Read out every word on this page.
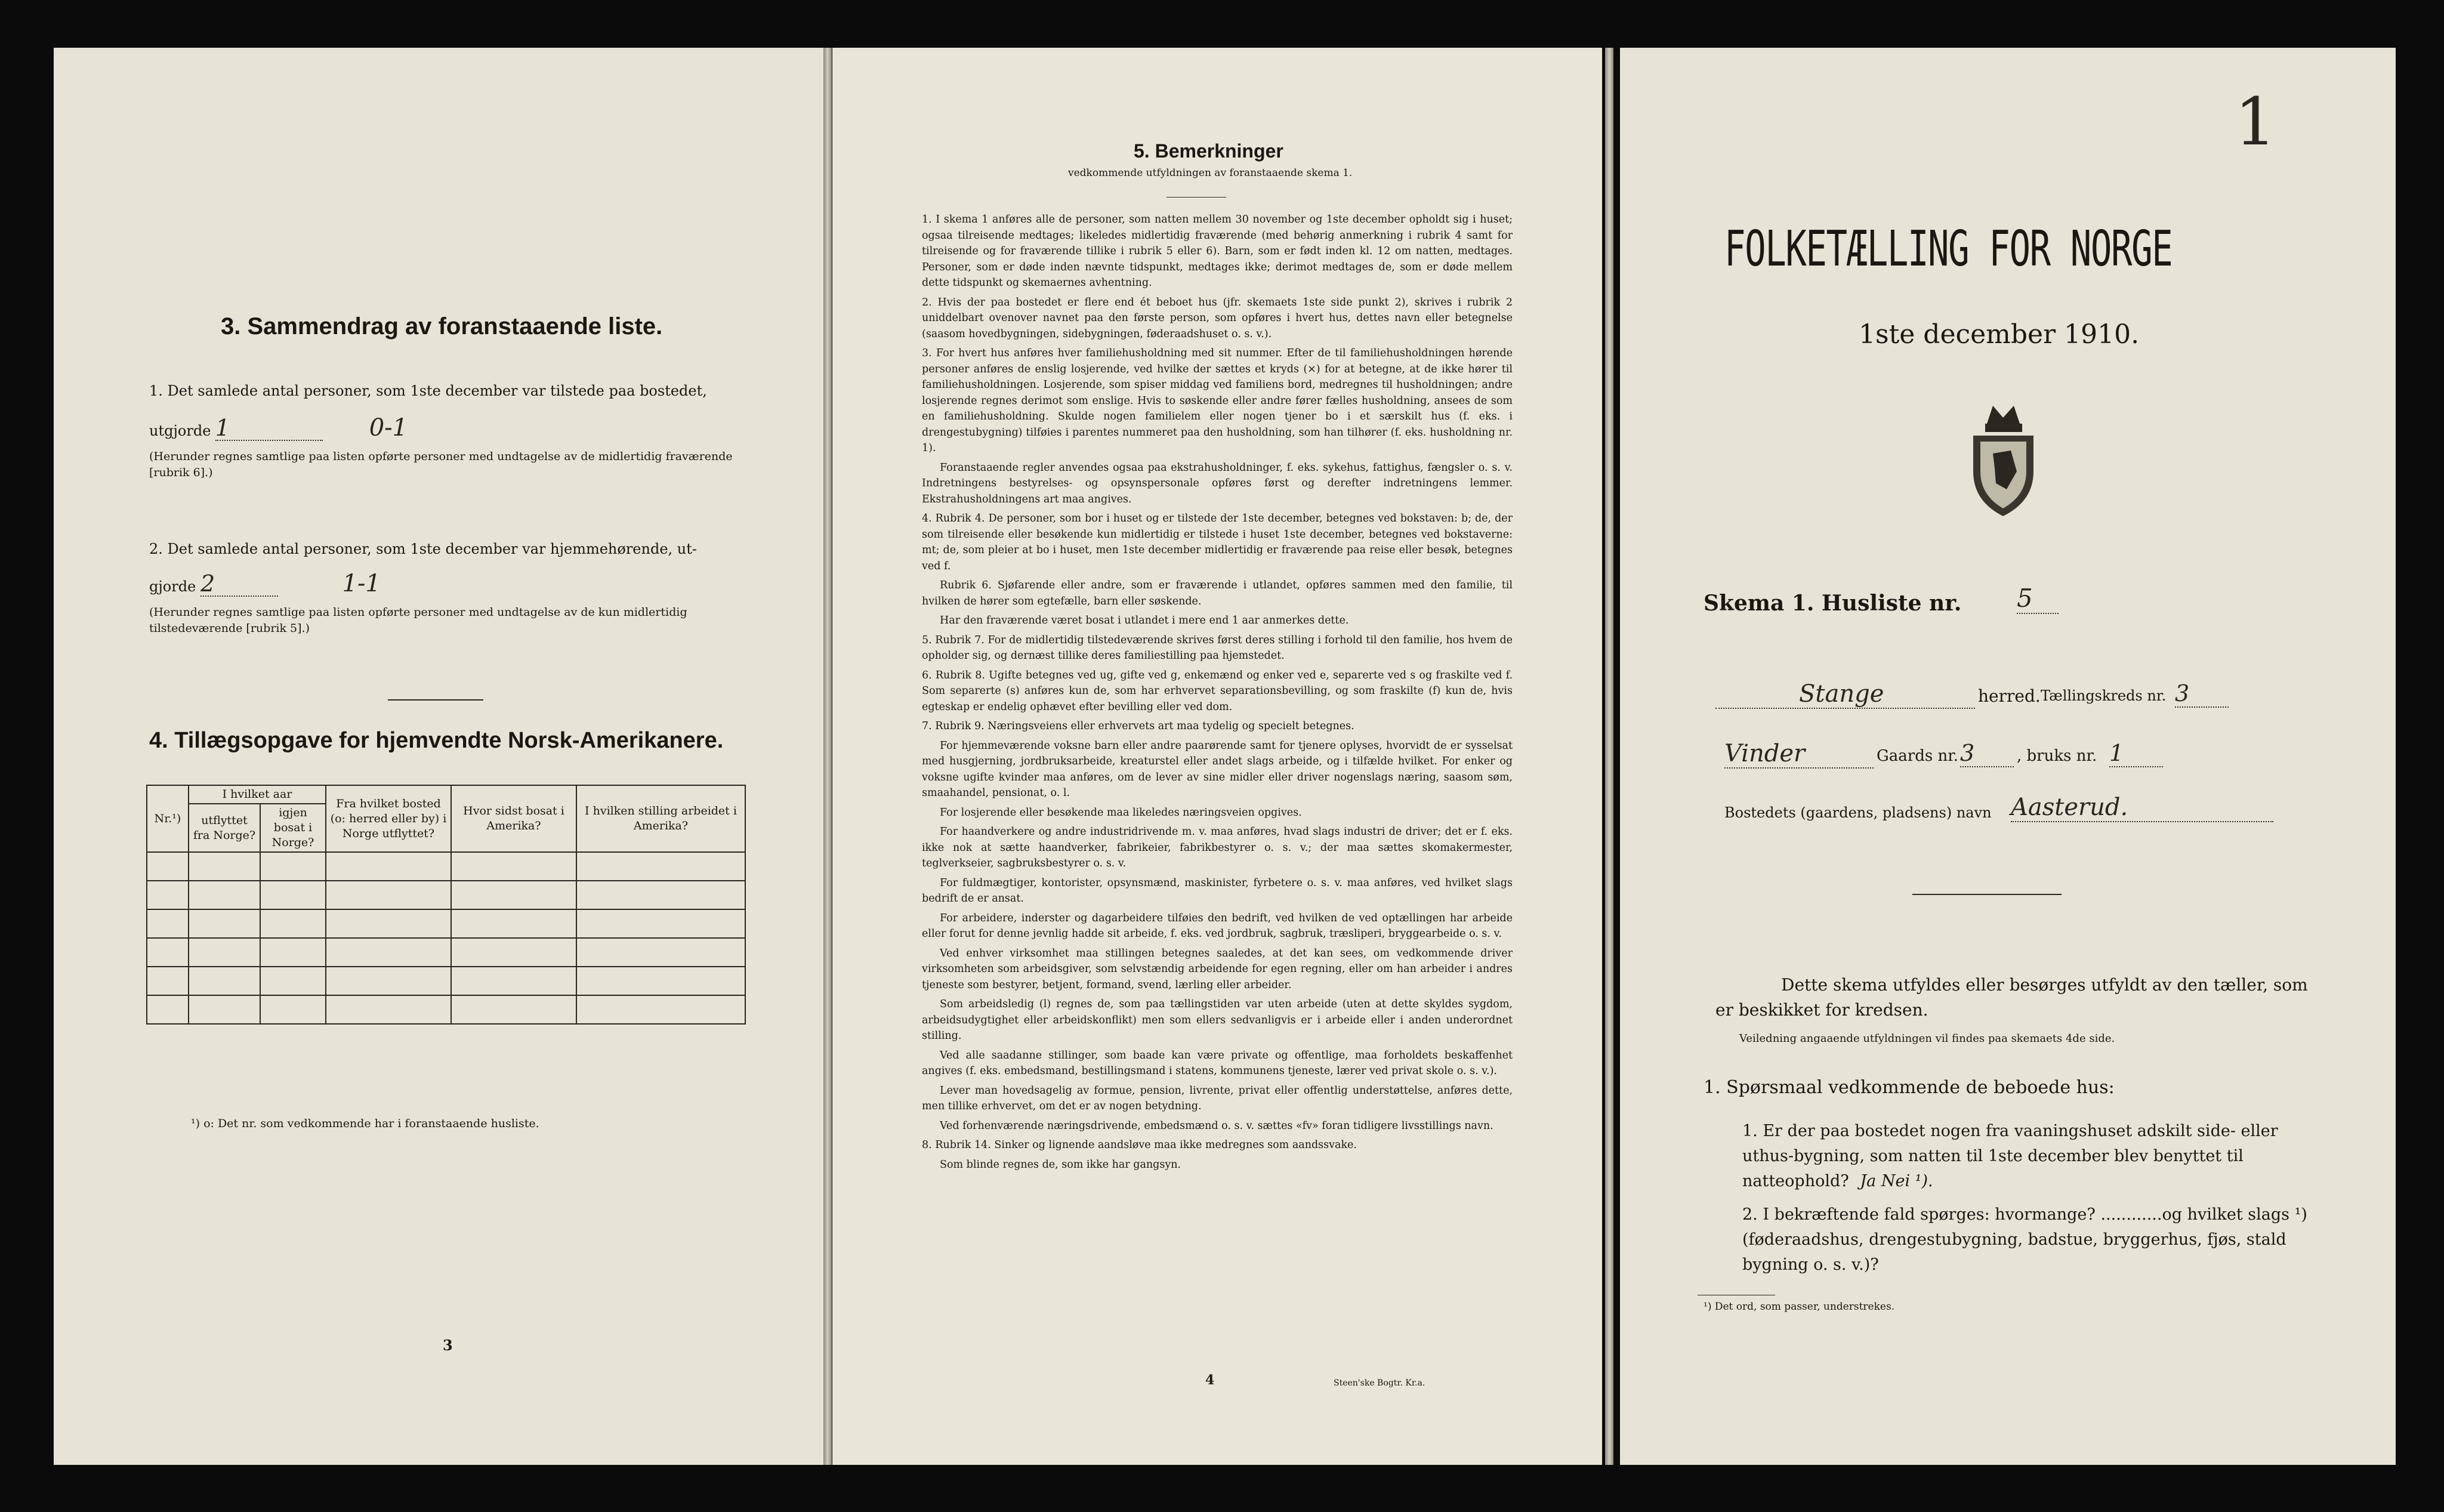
3. Sammendrag av foranstaaende liste.
1. Det samlede antal personer, som 1ste december var tilstede paa bostedet,
utgjorde 1	0-1
(Herunder regnes samtlige paa listen opførte personer med undtagelse av de midlertidig fraværende [rubrik 6].)
2. Det samlede antal personer, som 1ste december var hjemmehørende, ut-
gjorde 2	1-1
(Herunder regnes samtlige paa listen opførte personer med undtagelse av de kun midlertidig tilstedeværende [rubrik 5].)
4. Tillægsopgave for hjemvendte Norsk-Amerikanere.
Nr.¹)	I hvilket aar		Fra hvilket bosted (o: herred eller by) i Norge utflyttet?	Hvor sidst bosat i Amerika?	I hvilken stilling arbeidet i Amerika?
	utflyttet fra Norge?	igjen bosat i Norge?			

¹) o: Det nr. som vedkommende har i foranstaaende husliste.
3
5. Bemerkninger
vedkommende utfyldningen av foranstaaende skema 1.

1. I skema 1 anføres alle de personer, som natten mellem 30 november og 1ste december opholdt sig i huset; ogsaa tilreisende medtages; likeledes midlertidig fraværende (med behørig anmerkning i rubrik 4 samt for tilreisende og for fraværende tillike i rubrik 5 eller 6). Barn, som er født inden kl. 12 om natten, medtages. Personer, som er døde inden nævnte tidspunkt, medtages ikke; derimot medtages de, som er døde mellem dette tidspunkt og skemaernes avhentning.

2. Hvis der paa bostedet er flere end ét beboet hus (jfr. skemaets 1ste side punkt 2), skrives i rubrik 2 uniddelbart ovenover navnet paa den første person, som opføres i hvert hus, dettes navn eller betegnelse (saasom hovedbygningen, sidebygningen, føderaadshuset o. s. v.).

3. For hvert hus anføres hver familiehusholdning med sit nummer. Efter de til familiehusholdningen hørende personer anføres de enslig losjerende, ved hvilke der sættes et kryds (×) for at betegne, at de ikke hører til familiehusholdningen. Losjerende, som spiser middag ved familiens bord, medregnes til husholdningen; andre losjerende regnes derimot som enslige. Hvis to søskende eller andre fører fælles husholdning, ansees de som en familiehusholdning. Skulde nogen familielem eller nogen tjener bo i et særskilt hus (f. eks. i drengestubygning) tilføies i parentes nummeret paa den husholdning, som han tilhører (f. eks. husholdning nr. 1).

Foranstaaende regler anvendes ogsaa paa ekstrahusholdninger, f. eks. sykehus, fattighus, fængsler o. s. v. Indretningens bestyrelses- og opsynspersonale opføres først og derefter indretningens lemmer. Ekstrahusholdningens art maa angives.

4. Rubrik 4. De personer, som bor i huset og er tilstede der 1ste december, betegnes ved bokstaven: b; de, der som tilreisende eller besøkende kun midlertidig er tilstede i huset 1ste december, betegnes ved bokstaverne: mt; de, som pleier at bo i huset, men 1ste december midlertidig er fraværende paa reise eller besøk, betegnes ved f.

Rubrik 6. Sjøfarende eller andre, som er fraværende i utlandet, opføres sammen med den familie, til hvilken de hører som egtefælle, barn eller søskende.

Har den fraværende været bosat i utlandet i mere end 1 aar anmerkes dette.

5. Rubrik 7. For de midlertidig tilstedeværende skrives først deres stilling i forhold til den familie, hos hvem de opholder sig, og dernæst tillike deres familiestilling paa hjemstedet.

6. Rubrik 8. Ugifte betegnes ved ug, gifte ved g, enkemænd og enker ved e, separerte ved s og fraskilte ved f. Som separerte (s) anføres kun de, som har erhvervet separationsbevilling, og som fraskilte (f) kun de, hvis egteskap er endelig ophævet efter bevilling eller ved dom.

7. Rubrik 9. Næringsveiens eller erhvervets art maa tydelig og specielt betegnes.

For hjemmeværende voksne barn eller andre paarørende samt for tjenere oplyses, hvorvidt de er sysselsat med husgjerning, jordbruksarbeide, kreaturstel eller andet slags arbeide, og i tilfælde hvilket. For enker og voksne ugifte kvinder maa anføres, om de lever av sine midler eller driver nogenslags næring, saasom søm, smaahandel, pensionat, o. l.

For losjerende eller besøkende maa likeledes næringsveien opgives.

For haandverkere og andre industridrivende m. v. maa anføres, hvad slags industri de driver; det er f. eks. ikke nok at sætte haandverker, fabrikeier, fabrikbestyrer o. s. v.; der maa sættes skomakermester, teglverkseier, sagbruksbestyrer o. s. v.

For fuldmægtiger, kontorister, opsynsmænd, maskinister, fyrbetere o. s. v. maa anføres, ved hvilket slags bedrift de er ansat.

For arbeidere, inderster og dagarbeidere tilføies den bedrift, ved hvilken de ved optællingen har arbeide eller forut for denne jevnlig hadde sit arbeide, f. eks. ved jordbruk, sagbruk, træsliperi, bryggearbeide o. s. v.

Ved enhver virksomhet maa stillingen betegnes saaledes, at det kan sees, om vedkommende driver virksomheten som arbeidsgiver, som selvstændig arbeidende for egen regning, eller om han arbeider i andres tjeneste som bestyrer, betjent, formand, svend, lærling eller arbeider.

Som arbeidsledig (l) regnes de, som paa tællingstiden var uten arbeide (uten at dette skyldes sygdom, arbeidsudygtighet eller arbeidskonflikt) men som ellers sedvanligvis er i arbeide eller i anden underordnet stilling.

Ved alle saadanne stillinger, som baade kan være private og offentlige, maa forholdets beskaffenhet angives (f. eks. embedsmand, bestillingsmand i statens, kommunens tjeneste, lærer ved privat skole o. s. v.).

Lever man hovedsagelig av formue, pension, livrente, privat eller offentlig understøttelse, anføres dette, men tillike erhvervet, om det er av nogen betydning.

Ved forhenværende næringsdrivende, embedsmænd o. s. v. sættes «fv» foran tidligere livsstillings navn.

8. Rubrik 14. Sinker og lignende aandsløve maa ikke medregnes som aandssvake.

Som blinde regnes de, som ikke har gangsyn.

4	Steen'ske Bogtr. Kr.a.
1
FOLKETÆLLING FOR NORGE
1ste december 1910.
Skema 1. Husliste nr. 5
Stange	herred. Tællingskreds nr. 3
Vinder	Gaards nr. 3	, bruks nr. 1
Bostedets (gaardens, pladsens) navn Aasterud.
Dette skema utfyldes eller besørges utfyldt av den tæller, som er beskikket for kredsen.
Veiledning angaaende utfyldningen vil findes paa skemaets 4de side.
1. Spørsmaal vedkommende de beboede hus:
1. Er der paa bostedet nogen fra vaaningshuset adskilt side- eller uthus-bygning, som natten til 1ste december blev benyttet til natteophold? Ja Nei ¹).
2. I bekræftende fald spørges: hvormange? ............og hvilket slags ¹) (føderaadshus, drengestubygning, badstue, bryggerhus, fjøs, stald bygning o. s. v.)?
¹) Det ord, som passer, understrekes.
